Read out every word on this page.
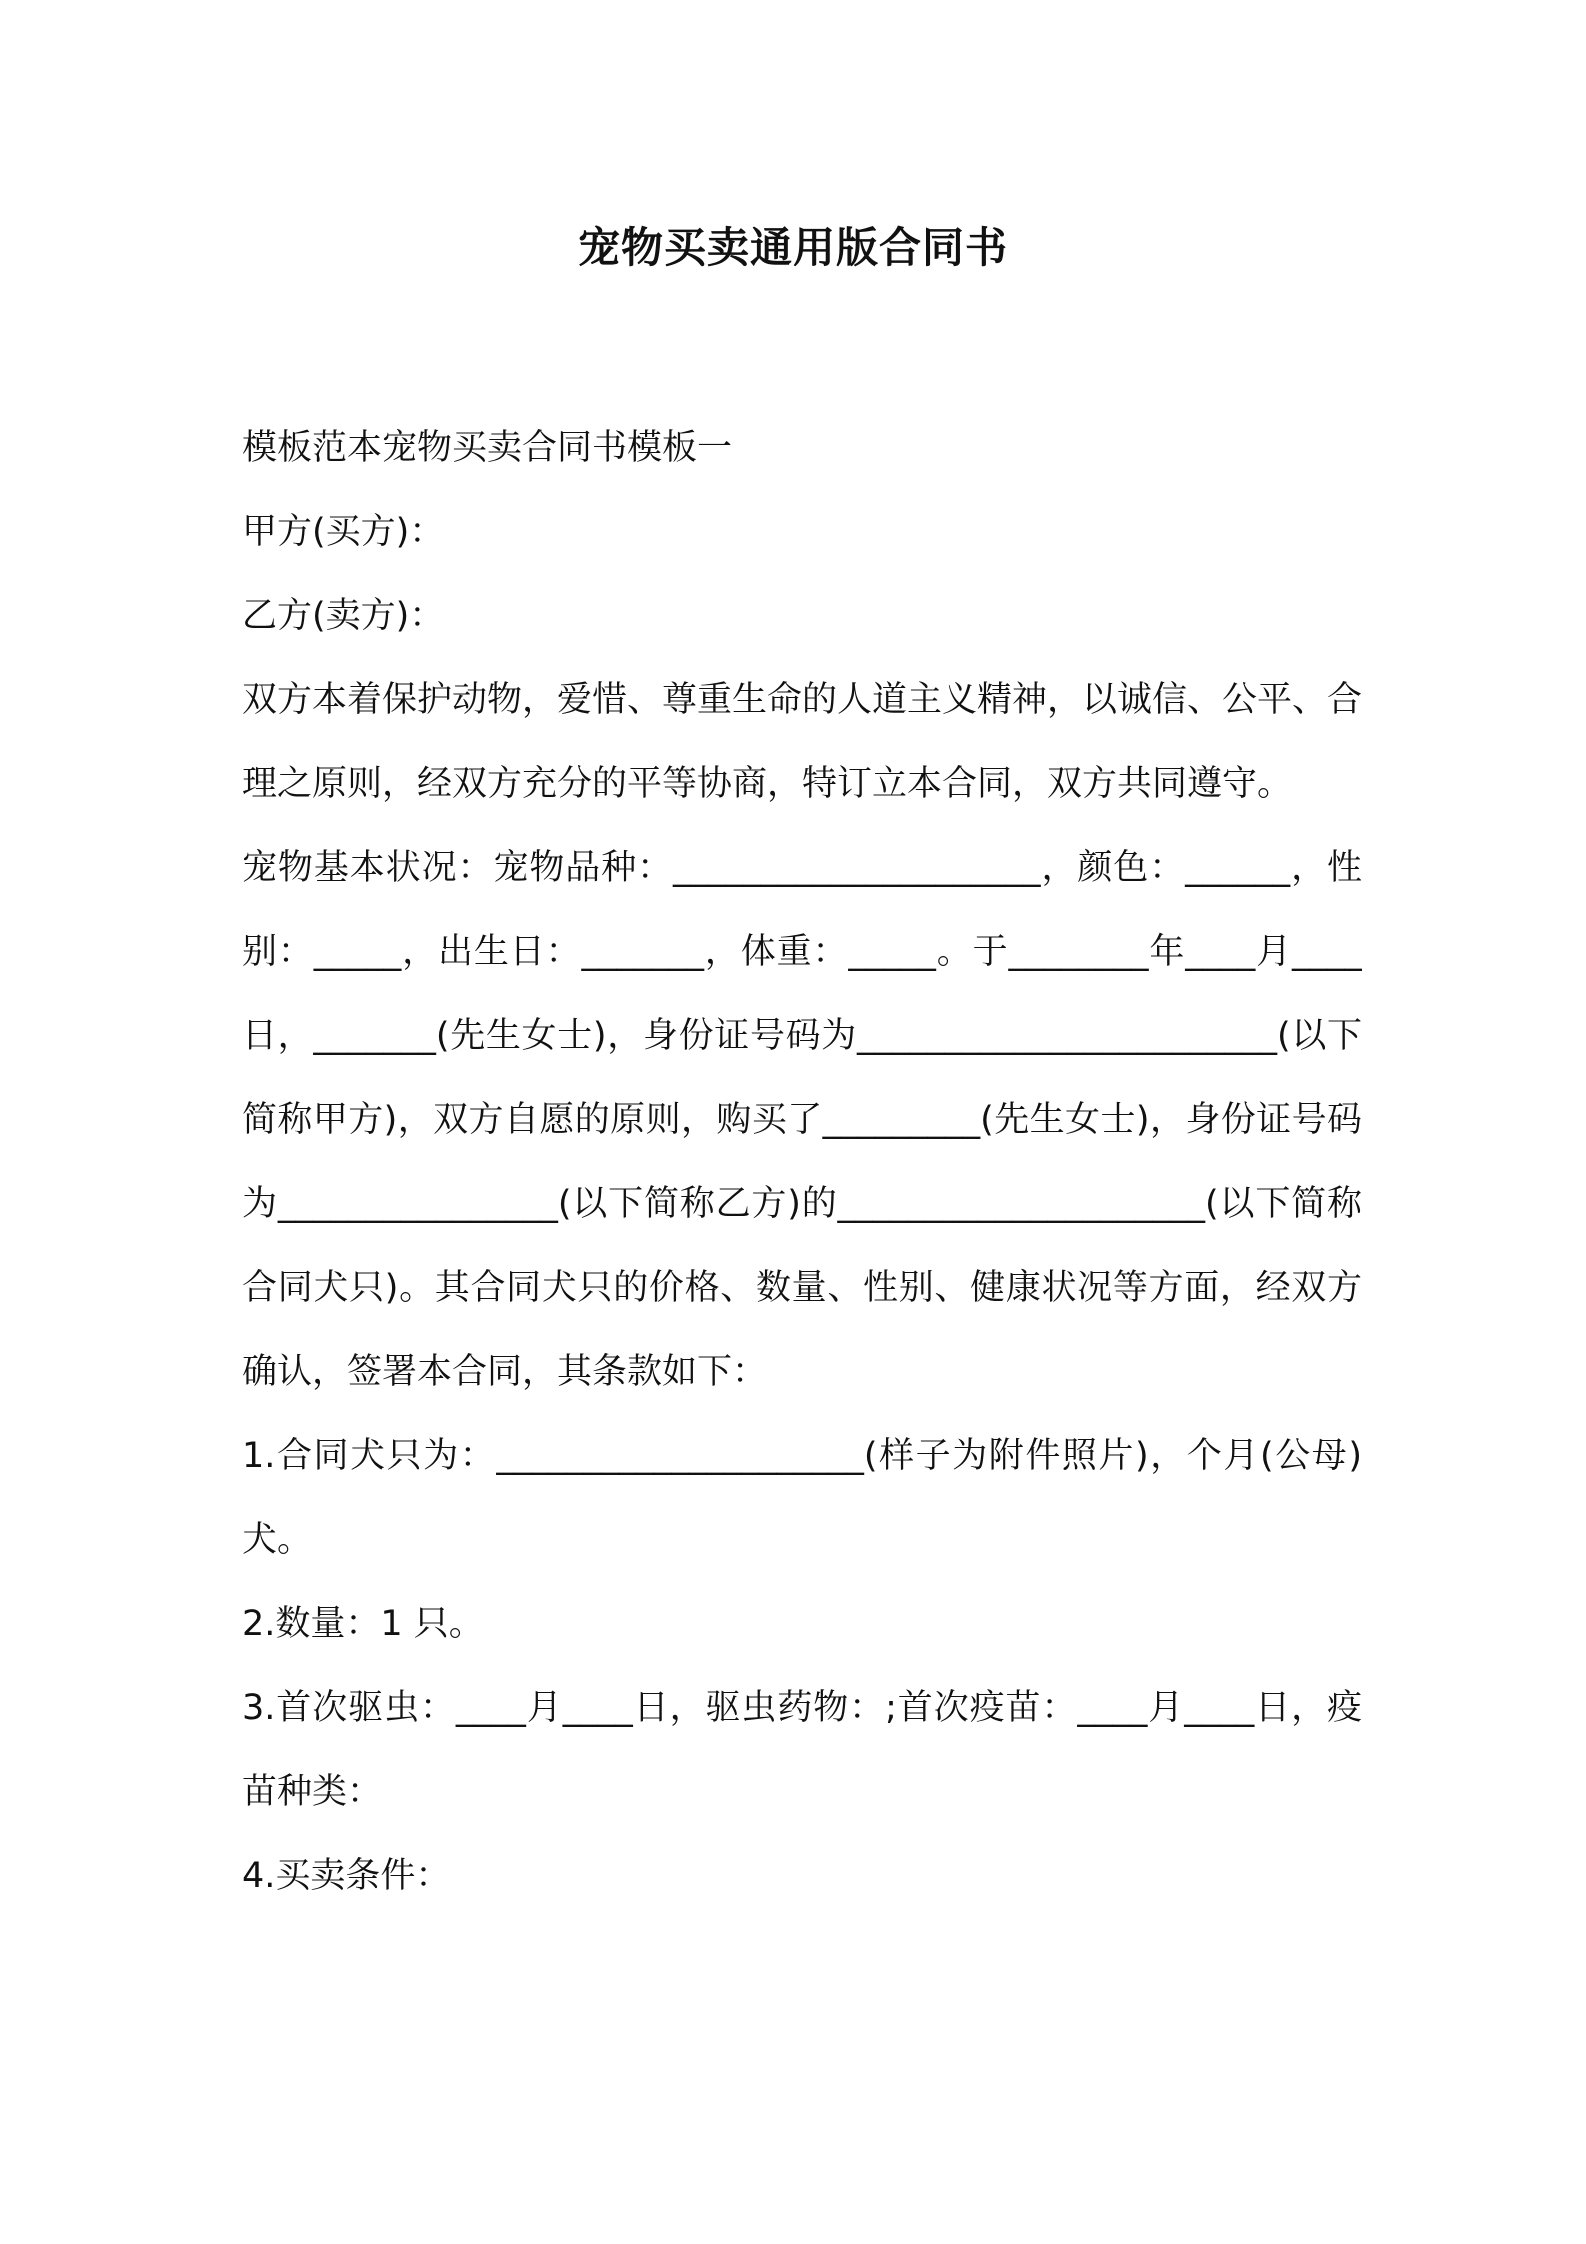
宠物买卖通用版合同书

模板范本宠物买卖合同书模板一

甲方(买方)：

乙方(卖方)：

双方本着保护动物，爱惜、尊重生命的人道主义精神，以诚信、公平、合理之原则，经双方充分的平等协商，特订立本合同，双方共同遵守。

宠物基本状况：宠物品种：_____________________，颜色：______，性别：_____，出生日：_______，体重：_____。于________年____月____日，_______(先生女士)，身份证号码为________________________(以下简称甲方)，双方自愿的原则，购买了_________(先生女士)，身份证号码为________________(以下简称乙方)的_____________________(以下简称合同犬只)。其合同犬只的价格、数量、性别、健康状况等方面，经双方确认，签署本合同，其条款如下：

1.合同犬只为：_____________________(样子为附件照片)，个月(公母)犬。

2.数量：1 只。

3.首次驱虫：____月____日，驱虫药物：;首次疫苗：____月____日，疫苗种类：

4.买卖条件：
